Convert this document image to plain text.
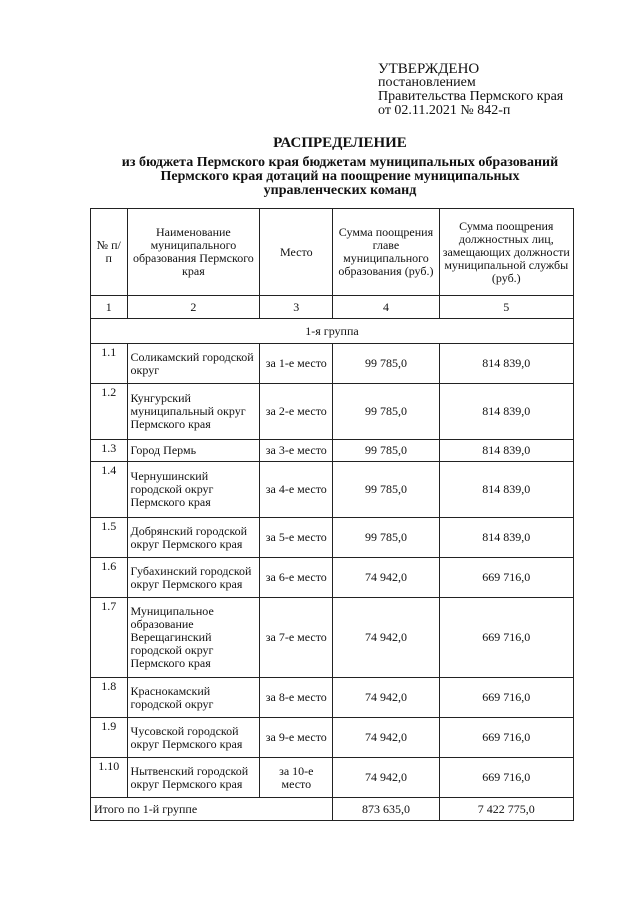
УТВЕРЖДЕНО
постановлением
Правительства Пермского края
от 02.11.2021 № 842-п
РАСПРЕДЕЛЕНИЕ
из бюджета Пермского края бюджетам муниципальных образований
Пермского края дотаций на поощрение муниципальных
управленческих команд
№ п/п	Наименование муниципального образования Пермского края	Место	Сумма поощрения главе муниципального образования (руб.)	Сумма поощрения должностных лиц, замещающих должности муниципальной службы (руб.)
1	2	3	4	5
1-я группа				
1.1	Соликамский городской округ	за 1-е место	99 785,0	814 839,0
1.2	Кунгурский муниципальный округ Пермского края	за 2-е место	99 785,0	814 839,0
1.3	Город Пермь	за 3-е место	99 785,0	814 839,0
1.4	Чернушинский городской округ Пермского края	за 4-е место	99 785,0	814 839,0
1.5	Добрянский городской округ Пермского края	за 5-е место	99 785,0	814 839,0
1.6	Губахинский городской округ Пермского края	за 6-е место	74 942,0	669 716,0
1.7	Муниципальное образование Верещагинский городской округ Пермского края	за 7-е место	74 942,0	669 716,0
1.8	Краснокамский городской округ	за 8-е место	74 942,0	669 716,0
1.9	Чусовской городской округ Пермского края	за 9-е место	74 942,0	669 716,0
1.10	Нытвенский городской округ Пермского края	за 10-е место	74 942,0	669 716,0
Итого по 1-й группе			873 635,0	7 422 775,0
